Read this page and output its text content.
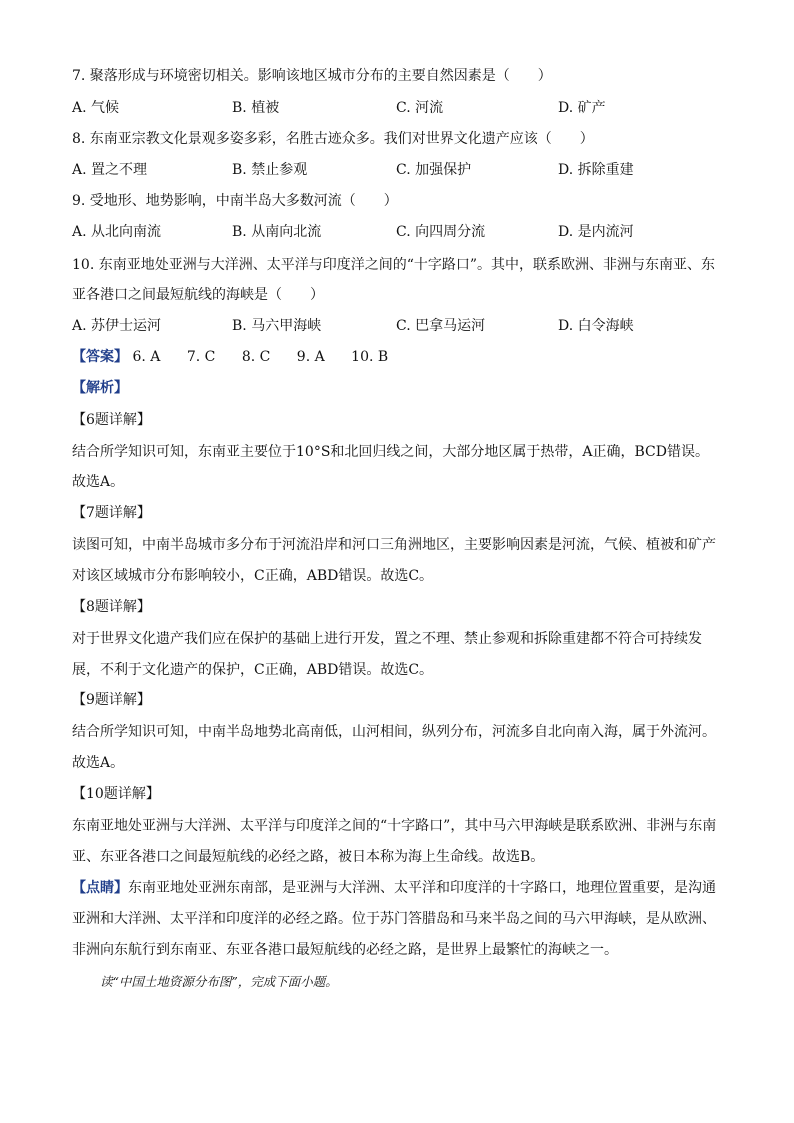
7. 聚落形成与环境密切相关。影响该地区城市分布的主要自然因素是（　　）
A. 气候	B. 植被	C. 河流	D. 矿产
8. 东南亚宗教文化景观多姿多彩，名胜古迹众多。我们对世界文化遗产应该（　　）
A. 置之不理	B. 禁止参观	C. 加强保护	D. 拆除重建
9. 受地形、地势影响，中南半岛大多数河流（　　）
A. 从北向南流	B. 从南向北流	C. 向四周分流	D. 是内流河
10. 东南亚地处亚洲与大洋洲、太平洋与印度洋之间的“十字路口”。其中，联系欧洲、非洲与东南亚、东
亚各港口之间最短航线的海峡是（　　）
A. 苏伊士运河	B. 马六甲海峡	C. 巴拿马运河	D. 白令海峡
【答案】 6. A 7. C 8. C 9. A 10. B
【解析】
【6题详解】
结合所学知识可知，东南亚主要位于10°S和北回归线之间，大部分地区属于热带，A正确，BCD错误。
故选A。
【7题详解】
读图可知，中南半岛城市多分布于河流沿岸和河口三角洲地区，主要影响因素是河流，气候、植被和矿产
对该区域城市分布影响较小，C正确，ABD错误。故选C。
【8题详解】
对于世界文化遗产我们应在保护的基础上进行开发，置之不理、禁止参观和拆除重建都不符合可持续发
展，不利于文化遗产的保护，C正确，ABD错误。故选C。
【9题详解】
结合所学知识可知，中南半岛地势北高南低，山河相间，纵列分布，河流多自北向南入海，属于外流河。
故选A。
【10题详解】
东南亚地处亚洲与大洋洲、太平洋与印度洋之间的“十字路口”，其中马六甲海峡是联系欧洲、非洲与东南
亚、东亚各港口之间最短航线的必经之路，被日本称为海上生命线。故选B。
【点睛】东南亚地处亚洲东南部，是亚洲与大洋洲、太平洋和印度洋的十字路口，地理位置重要，是沟通
亚洲和大洋洲、太平洋和印度洋的必经之路。位于苏门答腊岛和马来半岛之间的马六甲海峡，是从欧洲、
非洲向东航行到东南亚、东亚各港口最短航线的必经之路，是世界上最繁忙的海峡之一。
读“中国土地资源分布图”，完成下面小题。
